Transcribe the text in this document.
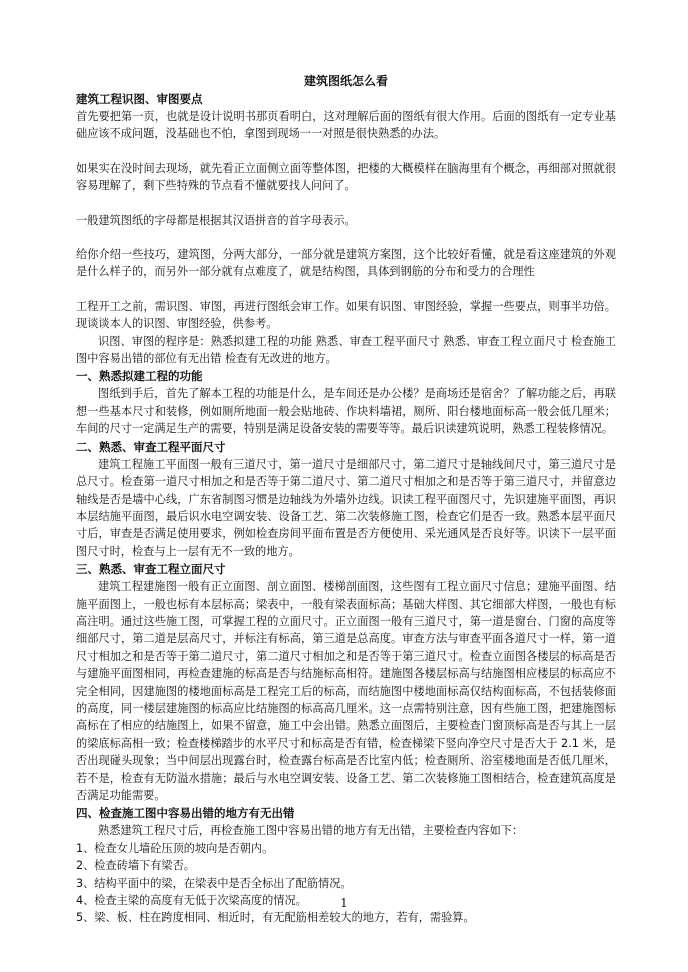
建筑图纸怎么看

建筑工程识图、审图要点

首先要把第一页，也就是设计说明书那页看明白，这对理解后面的图纸有很大作用。后面的图纸有一定专业基础应该不成问题，没基础也不怕，拿图到现场一一对照是很快熟悉的办法。

如果实在没时间去现场，就先看正立面侧立面等整体图，把楼的大概模样在脑海里有个概念，再细部对照就很容易理解了，剩下些特殊的节点看不懂就要找人问问了。

一般建筑图纸的字母都是根据其汉语拼音的首字母表示。

给你介绍一些技巧，建筑图，分两大部分，一部分就是建筑方案图，这个比较好看懂，就是看这座建筑的外观是什么样子的，而另外一部分就有点难度了，就是结构图，具体到钢筋的分布和受力的合理性

工程开工之前，需识图、审图，再进行图纸会审工作。如果有识图、审图经验，掌握一些要点，则事半功倍。现谈谈本人的识图、审图经验，供参考。

识图、审图的程序是：熟悉拟建工程的功能 熟悉、审查工程平面尺寸 熟悉、审查工程立面尺寸 检查施工图中容易出错的部位有无出错 检查有无改进的地方。

一、熟悉拟建工程的功能

图纸到手后，首先了解本工程的功能是什么，是车间还是办公楼？是商场还是宿舍？了解功能之后，再联想一些基本尺寸和装修，例如厕所地面一般会贴地砖、作块料墙裙，厕所、阳台楼地面标高一般会低几厘米；车间的尺寸一定满足生产的需要，特别是满足设备安装的需要等等。最后识读建筑说明，熟悉工程装修情况。

二、熟悉、审查工程平面尺寸

建筑工程施工平面图一般有三道尺寸，第一道尺寸是细部尺寸，第二道尺寸是轴线间尺寸，第三道尺寸是总尺寸。检查第一道尺寸相加之和是否等于第二道尺寸、第二道尺寸相加之和是否等于第三道尺寸，并留意边轴线是否是墙中心线，广东省制图习惯是边轴线为外墙外边线。识读工程平面图尺寸，先识建施平面图，再识本层结施平面图，最后识水电空调安装、设备工艺、第二次装修施工图，检查它们是否一致。熟悉本层平面尺寸后，审查是否满足使用要求，例如检查房间平面布置是否方便使用、采光通风是否良好等。识读下一层平面图尺寸时，检查与上一层有无不一致的地方。

三、熟悉、审查工程立面尺寸

建筑工程建施图一般有正立面图、剖立面图、楼梯剖面图，这些图有工程立面尺寸信息；建施平面图、结施平面图上，一般也标有本层标高；梁表中，一般有梁表面标高；基础大样图、其它细部大样图，一般也有标高注明。通过这些施工图，可掌握工程的立面尺寸。正立面图一般有三道尺寸，第一道是窗台、门窗的高度等细部尺寸，第二道是层高尺寸，并标注有标高，第三道是总高度。审查方法与审查平面各道尺寸一样，第一道尺寸相加之和是否等于第二道尺寸，第二道尺寸相加之和是否等于第三道尺寸。检查立面图各楼层的标高是否与建施平面图相同，再检查建施的标高是否与结施标高相符。建施图各楼层标高与结施图相应楼层的标高应不完全相同，因建施图的楼地面标高是工程完工后的标高，而结施图中楼地面标高仅结构面标高，不包括装修面的高度，同一楼层建施图的标高应比结施图的标高高几厘米。这一点需特别注意，因有些施工图，把建施图标高标在了相应的结施图上，如果不留意，施工中会出错。熟悉立面图后，主要检查门窗顶标高是否与其上一层的梁底标高相一致；检查楼梯踏步的水平尺寸和标高是否有错，检查梯梁下竖向净空尺寸是否大于 2.1 米，是否出现碰头现象；当中间层出现露台时，检查露台标高是否比室内低；检查厕所、浴室楼地面是否低几厘米，若不是，检查有无防溢水措施；最后与水电空调安装、设备工艺、第二次装修施工图相结合，检查建筑高度是否满足功能需要。

四、检查施工图中容易出错的地方有无出错

熟悉建筑工程尺寸后，再检查施工图中容易出错的地方有无出错，主要检查内容如下：

1、检查女儿墙砼压顶的坡向是否朝内。

2、检查砖墙下有梁否。

3、结构平面中的梁，在梁表中是否全标出了配筋情况。

4、检查主梁的高度有无低于次梁高度的情况。

5、梁、板、柱在跨度相同、相近时，有无配筋相差较大的地方，若有，需验算。

1
